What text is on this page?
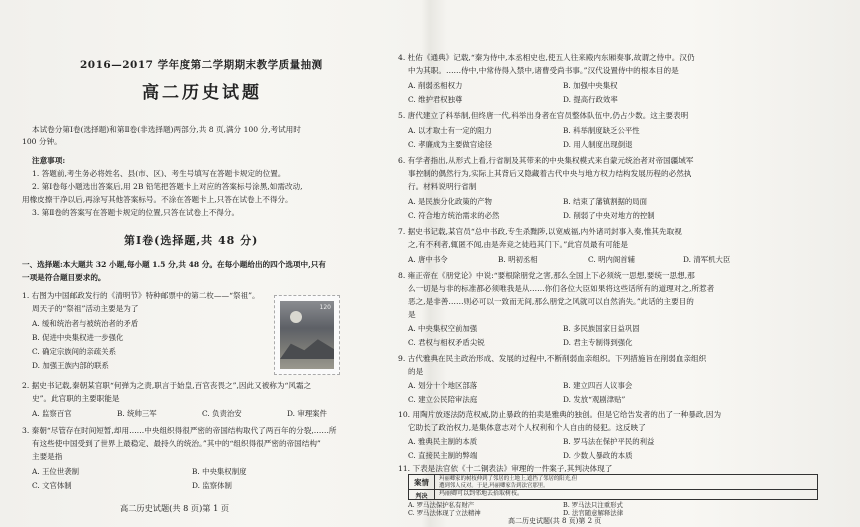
2016—2017 学年度第二学期期末教学质量抽测
高二历史试题
本试卷分第Ⅰ卷(选择题)和第Ⅱ卷(非选择题)两部分,共 8 页,满分 100 分,考试用时
100 分钟。
注意事项:
1. 答题前,考生务必将姓名、县(市、区)、考生号填写在答题卡规定的位置。
2. 第Ⅰ卷每小题选出答案后,用 2B 铅笔把答题卡上对应的答案标号涂黑,如需改动,
用橡皮擦干净以后,再涂写其他答案标号。不涂在答题卡上,只答在试卷上不得分。
3. 第Ⅱ卷的答案写在答题卡规定的位置,只答在试卷上不得分。
第Ⅰ卷(选择题,共 48 分)
一、选择题:本大题共 32 小题,每小题 1.5 分,共 48 分。在每小题给出的四个选项中,只有
一项是符合题目要求的。
1. 右图为中国邮政发行的《清明节》特种邮票中的第二枚——“祭祖”。
周天子的“祭祖”活动主要是为了
A. 缓和统治者与被统治者的矛盾
B. 促进中央集权进一步强化
C. 确定宗族间的亲疏关系
D. 加强王族内部的联系
120
2. 据史书记载,秦朝某官职“何弹为之责,职言于始皇,百官丧畏之”,因此又被称为“风霜之
史”。此官职的主要职能是
A. 监察百官	B. 统帅三军	C. 负责治安	D. 审理案件
3. 秦朝“尽管存在时间短暂,却用……中央组织得很严密的帝国结构取代了两百年的分裂,……所
有这些使中国受到了世界上最稳定、最持久的统治。”其中的“组织得很严密的帝国结构”
主要是指
A. 王位世袭制	B. 中央集权制度
C. 文官体制	D. 监察体制
高二历史试题(共 8 页)第 1 页
4. 杜佑《通典》记载,“秦为侍中,本丞相史也,使五人往来殿内东厢奏事,故谓之侍中。汉仍
中为其职。……侍中,中常侍得入禁中,诸曹受尚书事。”汉代设置侍中的根本目的是
A. 削弱丞相权力	B. 加强中央集权
C. 维护君权独尊	D. 提高行政效率
5. 唐代建立了科举制,但终唐一代,科举出身者在官员整体队伍中,仍占少数。这主要表明
A. 以才取士有一定的阻力	B. 科举制度缺乏公平性
C. 孝廉成为主要做官途径	D. 用人制度出现倒退
6. 有学者指出,从形式上看,行省制及其带来的中央集权模式来自蒙元统治者对帝国疆域军
事控制的偶然行为,实际上其背后又隐藏着古代中央与地方权力结构发展历程的必然执
行。材料说明行省制
A. 是民族分化政策的产物	B. 结束了藩镇割据的局面
C. 符合地方统治需求的必然	D. 削弱了中央对地方的控制
7. 据史书记载,某官员“总中书政,专生杀黜陟,以宽威福,内外诸司封事入奏,惟其先取视
之,有不利者,辄匿不闻,由是奔竞之徒趋其门下。”此官员最有可能是
A. 唐中书令	B. 明初丞相	C. 明内阁首辅	D. 清军机大臣
8. 雍正帝在《朋党论》中说:“要根除朋党之害,那么全国上下必须统一思想,要统一思想,那
么一切是与非的标准都必须唯我是从……你们各位大臣如果将这些话所有的道理对之,所惹者
恶之,是非善……则必可以一致而无间,那么朋党之风就可以自然消失。”此话的主要目的
是
A. 中央集权空前加强	B. 多民族国家日益巩固
C. 君权与相权矛盾尖锐	D. 君主专制得到强化
9. 古代雅典在民主政治形成、发展的过程中,不断削弱血亲组织。下列措施旨在削弱血亲组织
的是
A. 划分十个地区部落	B. 建立四百人议事会
C. 建立公民陪审法庭	D. 发放“观剧津贴”
10. 用陶片放逐法防范权威,防止暴政的拍卖是雅典的独创。但是它给告发者的出了一种暴政,因为
它助长了政治权力,是集体意志对个人权利和个人自由的侵犯。这反映了
A. 雅典民主制的本质	B. 罗马法在保护平民的利益
C. 直接民主制的弊端	D. 少数人暴政的本质
11. 下表是法官依《十二铜表法》审理的一件案子,其判决体现了
案情	玛丽卿家的树枝伸到了邻居的土地上,遮挡了邻居的阳光,但
遭到邻人反对。于是,玛丽卿家告到法官那里。
判决	玛丽卿可以到邻地去拾取树枝。
A. 罗马法保护私有财产	B. 罗马法只注重形式
C. 罗马法体现了立法精神	D. 法官随意解释法律
高二历史试题(共 8 页)第 2 页
